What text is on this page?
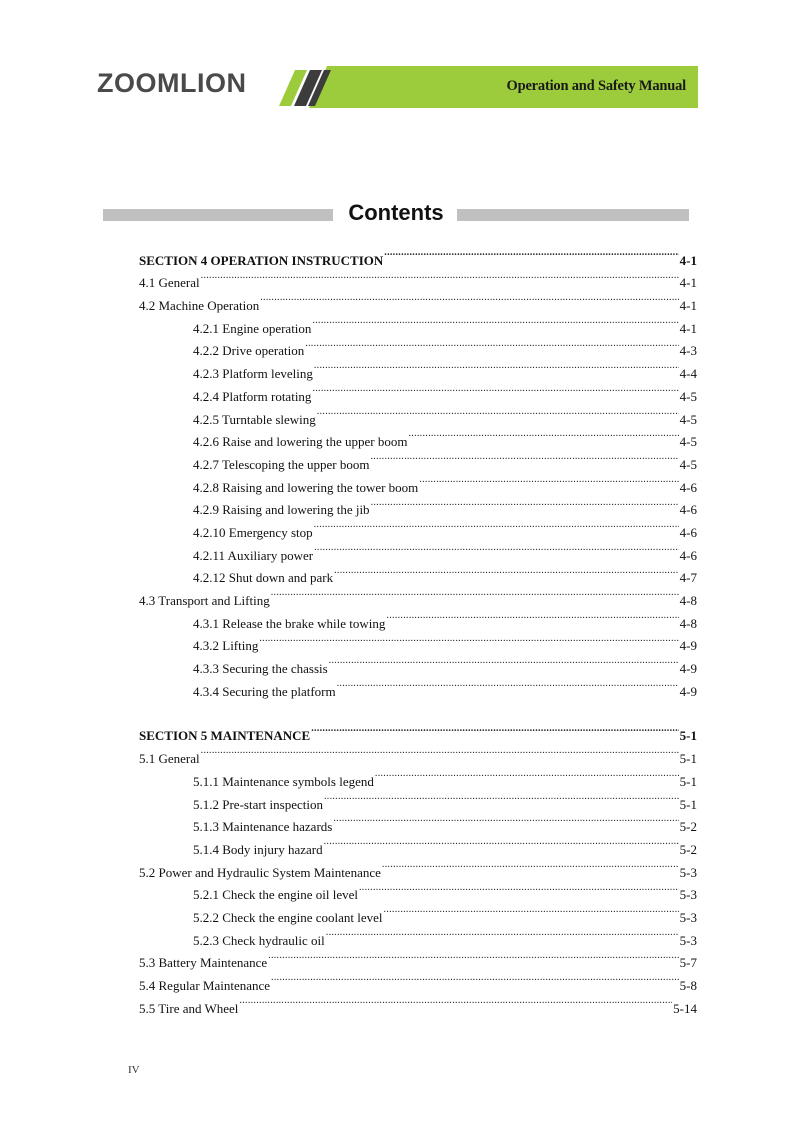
ZOOMLION	Operation and Safety Manual
Contents
SECTION 4 OPERATION INSTRUCTION .....	4-1
4.1 General .....	4-1
4.2 Machine Operation .....	4-1
4.2.1 Engine operation .....	4-1
4.2.2 Drive operation .....	4-3
4.2.3 Platform leveling .....	4-4
4.2.4 Platform rotating .....	4-5
4.2.5 Turntable slewing .....	4-5
4.2.6 Raise and lowering the upper boom .....	4-5
4.2.7 Telescoping the upper boom .....	4-5
4.2.8 Raising and lowering the tower boom .....	4-6
4.2.9 Raising and lowering the jib .....	4-6
4.2.10 Emergency stop .....	4-6
4.2.11 Auxiliary power .....	4-6
4.2.12 Shut down and park .....	4-7
4.3 Transport and Lifting .....	4-8
4.3.1 Release the brake while towing .....	4-8
4.3.2 Lifting .....	4-9
4.3.3 Securing the chassis .....	4-9
4.3.4 Securing the platform .....	4-9
SECTION 5 MAINTENANCE .....	5-1
5.1 General .....	5-1
5.1.1 Maintenance symbols legend .....	5-1
5.1.2 Pre-start inspection .....	5-1
5.1.3 Maintenance hazards .....	5-2
5.1.4 Body injury hazard .....	5-2
5.2 Power and Hydraulic System Maintenance .....	5-3
5.2.1 Check the engine oil level .....	5-3
5.2.2 Check the engine coolant level .....	5-3
5.2.3 Check hydraulic oil .....	5-3
5.3 Battery Maintenance .....	5-7
5.4 Regular Maintenance .....	5-8
5.5 Tire and Wheel .....	5-14
IV
